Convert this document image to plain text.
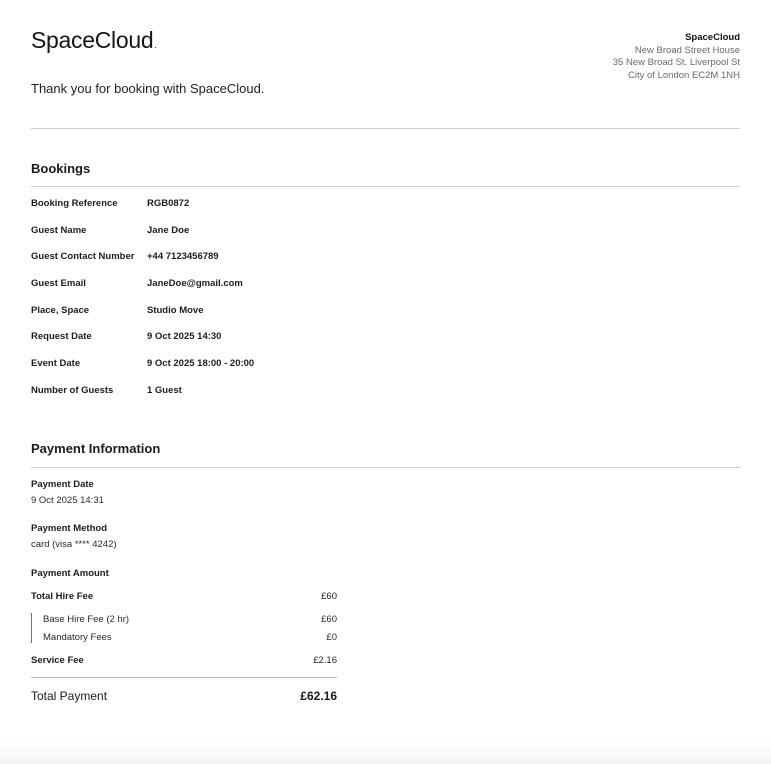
SpaceCloud.
Thank you for booking with SpaceCloud.
SpaceCloud
New Broad Street House
35 New Broad St. Liverpool St
City of London EC2M 1NH
Bookings
Booking Reference	RGB0872
Guest Name	Jane Doe
Guest Contact Number	+44 7123456789
Guest Email	JaneDoe@gmail.com
Place, Space	Studio Move
Request Date	9 Oct 2025 14:30
Event Date	9 Oct 2025 18:00 - 20:00
Number of Guests	1 Guest
Payment Information
Payment Date
9 Oct 2025 14:31
Payment Method
card (visa **** 4242)
Payment Amount
Total Hire Fee	£60
Base Hire Fee (2 hr)	£60
Mandatory Fees	£0
Service Fee	£2.16
Total Payment	£62.16
